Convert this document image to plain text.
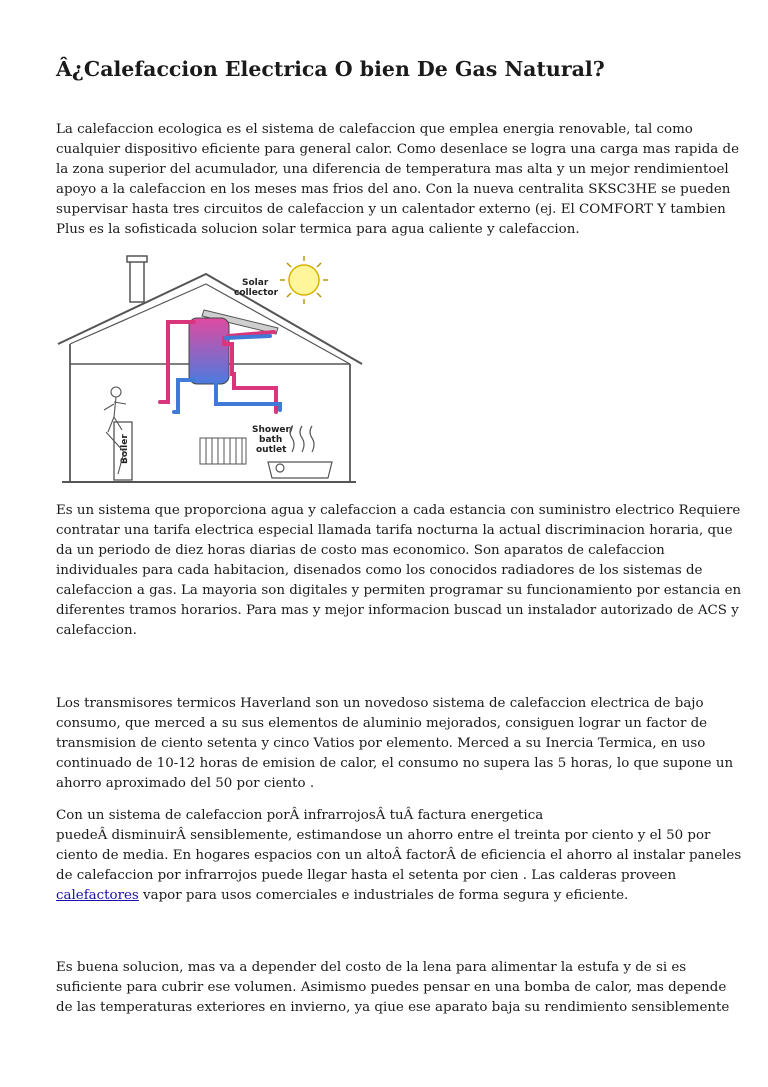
Â¿Calefaccion Electrica O bien De Gas Natural?

La calefaccion ecologica es el sistema de calefaccion que emplea energia renovable, tal como
cualquier dispositivo eficiente para general calor. Como desenlace se logra una carga mas rapida de
la zona superior del acumulador, una diferencia de temperatura mas alta y un mejor rendimientoel
apoyo a la calefaccion en los meses mas frios del ano. Con la nueva centralita SKSC3HE se pueden
supervisar hasta tres circuitos de calefaccion y un calentador externo (ej. El COMFORT Y tambien
Plus es la sofisticada solucion solar termica para agua caliente y calefaccion.

Solar collector
Boiler
Shower/ bath outlet

Es un sistema que proporciona agua y calefaccion a cada estancia con suministro electrico Requiere
contratar una tarifa electrica especial llamada tarifa nocturna la actual discriminacion horaria, que
da un periodo de diez horas diarias de costo mas economico. Son aparatos de calefaccion
individuales para cada habitacion, disenados como los conocidos radiadores de los sistemas de
calefaccion a gas. La mayoria son digitales y permiten programar su funcionamiento por estancia en
diferentes tramos horarios. Para mas y mejor informacion buscad un instalador autorizado de ACS y
calefaccion.

Los transmisores termicos Haverland son un novedoso sistema de calefaccion electrica de bajo
consumo, que merced a su sus elementos de aluminio mejorados, consiguen lograr un factor de
transmision de ciento setenta y cinco Vatios por elemento. Merced a su Inercia Termica, en uso
continuado de 10-12 horas de emision de calor, el consumo no supera las 5 horas, lo que supone un
ahorro aproximado del 50 por ciento .

Con un sistema de calefaccion porÂ infrarrojosÂ tuÂ factura energetica
puedeÂ disminuirÂ sensiblemente, estimandose un ahorro entre el treinta por ciento y el 50 por
ciento de media. En hogares espacios con un altoÂ factorÂ de eficiencia el ahorro al instalar paneles
de calefaccion por infrarrojos puede llegar hasta el setenta por cien . Las calderas proveen
calefactores vapor para usos comerciales e industriales de forma segura y eficiente.

Es buena solucion, mas va a depender del costo de la lena para alimentar la estufa y de si es
suficiente para cubrir ese volumen. Asimismo puedes pensar en una bomba de calor, mas depende
de las temperaturas exteriores en invierno, ya qiue ese aparato baja su rendimiento sensiblemente
